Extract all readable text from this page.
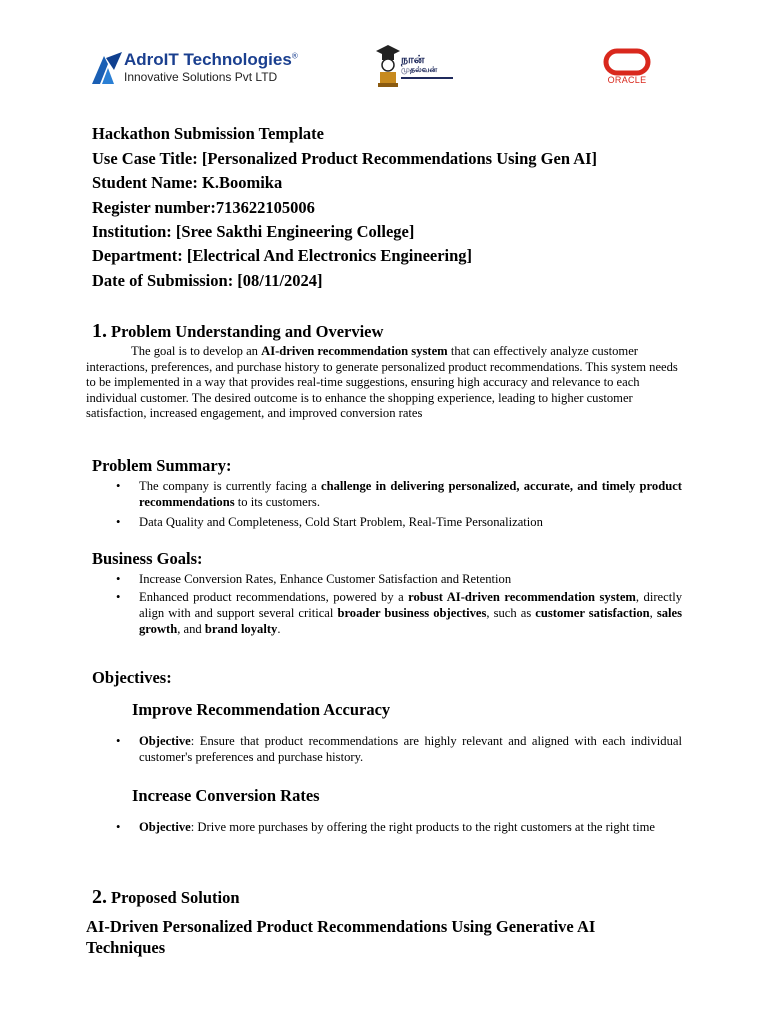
AdroIT Technologies®
Innovative Solutions Pvt LTD
நான்
முதல்வன்
ORACLE
Hackathon Submission Template
Use Case Title: [Personalized Product Recommendations Using Gen AI]
Student Name: K.Boomika
Register number:713622105006
Institution: [Sree Sakthi Engineering College]
Department: [Electrical And Electronics Engineering]
Date of Submission: [08/11/2024]
1. Problem Understanding and Overview
The goal is to develop an AI-driven recommendation system that can effectively analyze customer interactions, preferences, and purchase history to generate personalized product recommendations. This system needs to be implemented in a way that provides real-time suggestions, ensuring high accuracy and relevance to each individual customer. The desired outcome is to enhance the shopping experience, leading to higher customer satisfaction, increased engagement, and improved conversion rates
Problem Summary:
• The company is currently facing a challenge in delivering personalized, accurate, and timely product recommendations to its customers.
• Data Quality and Completeness, Cold Start Problem, Real-Time Personalization
Business Goals:
• Increase Conversion Rates, Enhance Customer Satisfaction and Retention
• Enhanced product recommendations, powered by a robust AI-driven recommendation system, directly align with and support several critical broader business objectives, such as customer satisfaction, sales growth, and brand loyalty.
Objectives:
Improve Recommendation Accuracy
• Objective: Ensure that product recommendations are highly relevant and aligned with each individual customer's preferences and purchase history.
Increase Conversion Rates
• Objective: Drive more purchases by offering the right products to the right customers at the right time
2. Proposed Solution
AI-Driven Personalized Product Recommendations Using Generative AI Techniques
